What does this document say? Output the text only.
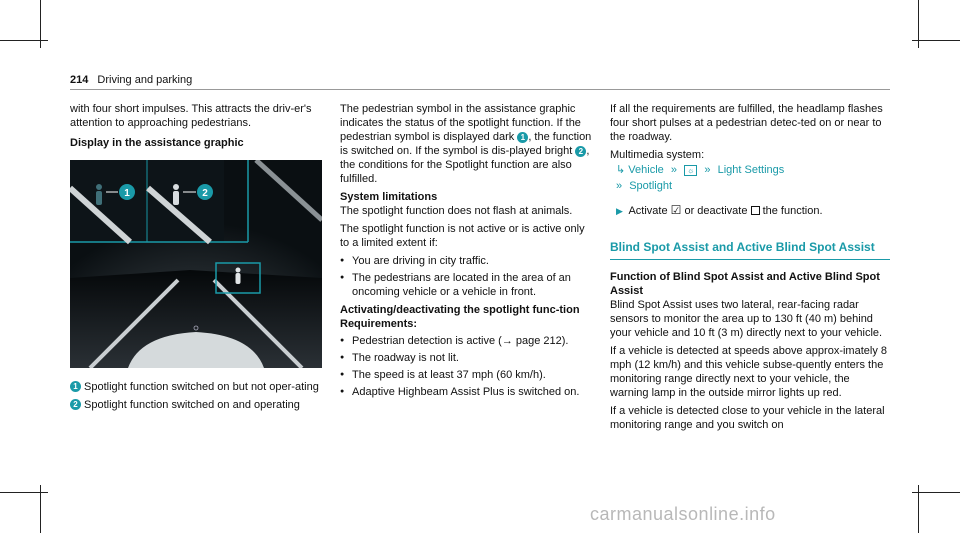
214 Driving and parking

with four short impulses. This attracts the driv-er's attention to approaching pedestrians.

Display in the assistance graphic

1	2

1 Spotlight function switched on but not oper-ating

2 Spotlight function switched on and operating

The pedestrian symbol in the assistance graphic indicates the status of the spotlight function. If the pedestrian symbol is displayed dark 1 , the function is switched on. If the symbol is dis-played bright 2 , the conditions for the Spotlight function are also fulfilled.

System limitations

The spotlight function does not flash at animals.

The spotlight function is not active or is active only to a limited extent if:

● You are driving in city traffic.
● The pedestrians are located in the area of an oncoming vehicle or a vehicle in front.

Activating/deactivating the spotlight func-tion

Requirements:

● Pedestrian detection is active (→ page 212).
● The roadway is not lit.
● The speed is at least 37 mph (60 km/h).
● Adaptive Highbeam Assist Plus is switched on.

If all the requirements are fulfilled, the headlamp flashes four short pulses at a pedestrian detec-ted on or near to the roadway.

Multimedia system:

↳ Vehicle » ☼ » Light Settings

» Spotlight

▶ Activate ☑ or deactivate the function.

Blind Spot Assist and Active Blind Spot Assist

Function of Blind Spot Assist and Active Blind Spot Assist

Blind Spot Assist uses two lateral, rear-facing radar sensors to monitor the area up to 130 ft (40 m) behind your vehicle and 10 ft (3 m) directly next to your vehicle.

If a vehicle is detected at speeds above approx-imately 8 mph (12 km/h) and this vehicle subse-quently enters the monitoring range directly next to your vehicle, the warning lamp in the outside mirror lights up red.

If a vehicle is detected close to your vehicle in the lateral monitoring range and you switch on

carmanualsonline.info
